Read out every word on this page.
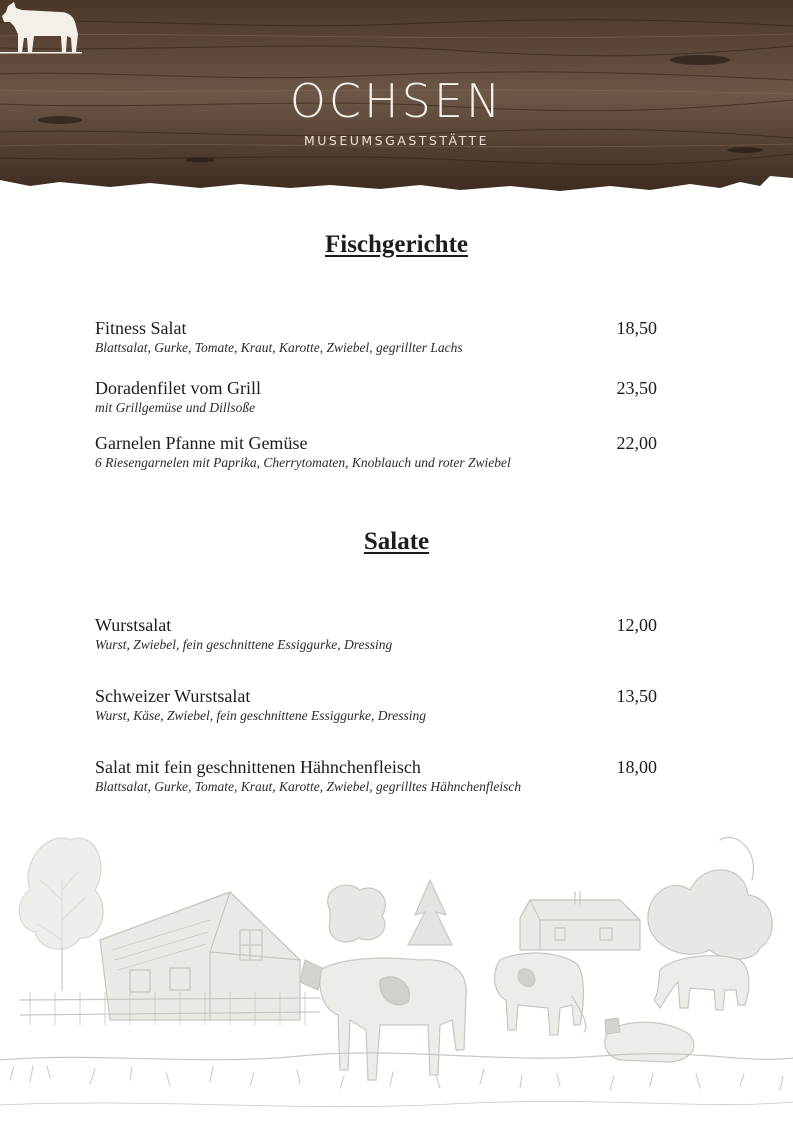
OCHSEN
MUSEUMSGASTSTÄTTE
Fischgerichte
Fitness Salat	18,50
Blattsalat, Gurke, Tomate, Kraut, Karotte, Zwiebel, gegrillter Lachs
Doradenfilet vom Grill	23,50
mit Grillgemüse und Dillsoße
Garnelen Pfanne mit Gemüse	22,00
6 Riesengarnelen mit Paprika, Cherrytomaten, Knoblauch und roter Zwiebel
Salate
Wurstsalat	12,00
Wurst, Zwiebel, fein geschnittene Essiggurke, Dressing
Schweizer Wurstsalat	13,50
Wurst, Käse, Zwiebel, fein geschnittene Essiggurke, Dressing
Salat mit fein geschnittenen Hähnchenfleisch	18,00
Blattsalat, Gurke, Tomate, Kraut, Karotte, Zwiebel, gegrilltes Hähnchenfleisch
